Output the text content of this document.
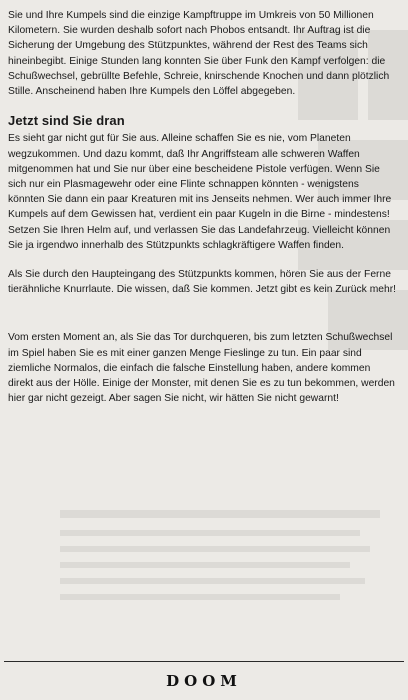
Sie und Ihre Kumpels sind die einzige Kampftruppe im Umkreis von 50 Millionen Kilometern. Sie wurden deshalb sofort nach Phobos entsandt. Ihr Auftrag ist die Sicherung der Umgebung des Stützpunktes, während der Rest des Teams sich hineinbegibt. Einige Stunden lang konnten Sie über Funk den Kampf verfolgen: die Schußwechsel, gebrüllte Befehle, Schreie, knirschende Knochen und dann plötzlich Stille. Anscheinend haben Ihre Kumpels den Löffel abgegeben.

Jetzt sind Sie dran

Es sieht gar nicht gut für Sie aus. Alleine schaffen Sie es nie, vom Planeten wegzukommen. Und dazu kommt, daß Ihr Angriffsteam alle schweren Waffen mitgenommen hat und Sie nur über eine bescheidene Pistole verfügen. Wenn Sie sich nur ein Plasmagewehr oder eine Flinte schnappen könnten - wenigstens könnten Sie dann ein paar Kreaturen mit ins Jenseits nehmen. Wer auch immer Ihre Kumpels auf dem Gewissen hat, verdient ein paar Kugeln in die Birne - mindestens! Setzen Sie Ihren Helm auf, und verlassen Sie das Landefahrzeug. Vielleicht können Sie ja irgendwo innerhalb des Stützpunkts schlagkräftigere Waffen finden.

Als Sie durch den Haupteingang des Stützpunkts kommen, hören Sie aus der Ferne tierähnliche Knurrlaute. Die wissen, daß Sie kommen. Jetzt gibt es kein Zurück mehr!

Vom ersten Moment an, als Sie das Tor durchqueren, bis zum letzten Schußwechsel im Spiel haben Sie es mit einer ganzen Menge Fieslinge zu tun. Ein paar sind ziemliche Normalos, die einfach die falsche Einstellung haben, andere kommen direkt aus der Hölle. Einige der Monster, mit denen Sie es zu tun bekommen, werden hier gar nicht gezeigt. Aber sagen Sie nicht, wir hätten Sie nicht gewarnt!

DOOM
